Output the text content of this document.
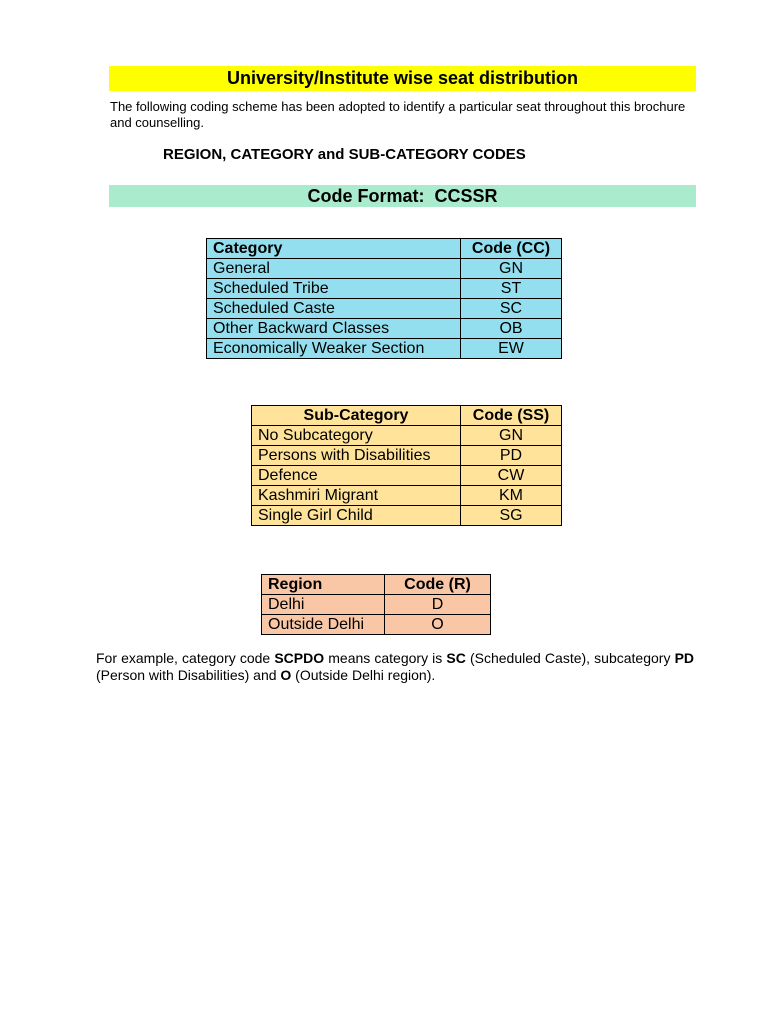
University/Institute wise seat distribution
The following coding scheme has been adopted to identify a particular seat throughout this brochure and counselling.
REGION, CATEGORY and SUB-CATEGORY CODES
Code Format: CCSSR
Category	Code (CC)
General	GN
Scheduled Tribe	ST
Scheduled Caste	SC
Other Backward Classes	OB
Economically Weaker Section	EW
Sub-Category	Code (SS)
No Subcategory	GN
Persons with Disabilities	PD
Defence	CW
Kashmiri Migrant	KM
Single Girl Child	SG
Region	Code (R)
Delhi	D
Outside Delhi	O
For example, category code SCPDO means category is SC (Scheduled Caste), subcategory PD (Person with Disabilities) and O (Outside Delhi region).
